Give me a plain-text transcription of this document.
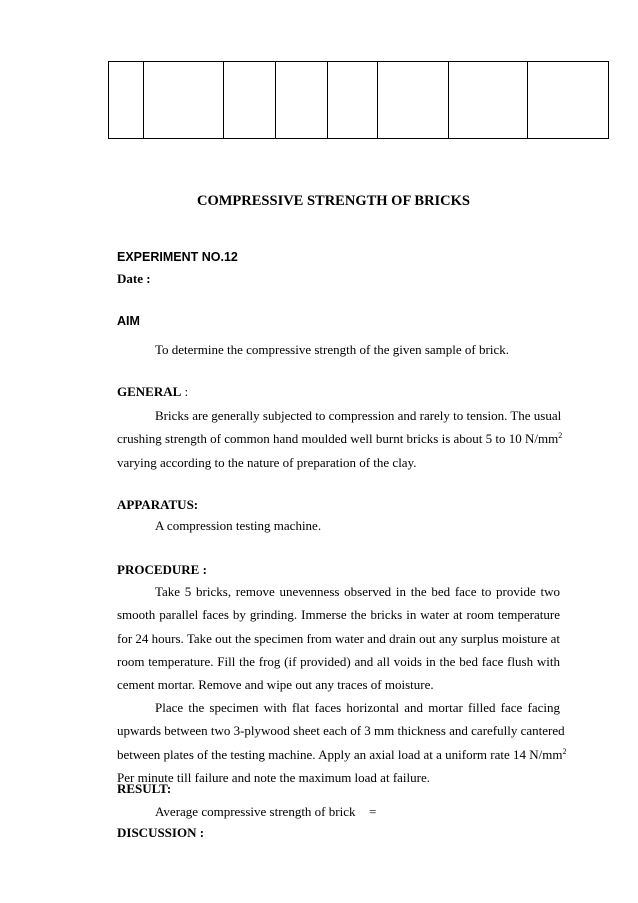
COMPRESSIVE STRENGTH OF BRICKS
EXPERIMENT NO.12
Date :
AIM
To determine the compressive strength of the given sample of brick.
GENERAL :
Bricks are generally subjected to compression and rarely to tension. The usual
crushing strength of common hand moulded well burnt bricks is about 5 to 10 $N/mm^2$
varying according to the nature of preparation of the clay.
APPARATUS:
A compression testing machine.
PROCEDURE :
Take 5 bricks, remove unevenness observed in the bed face to provide two
smooth parallel faces by grinding. Immerse the bricks in water at room temperature
for 24 hours. Take out the specimen from water and drain out any surplus moisture at
room temperature. Fill the frog (if provided) and all voids in the bed face flush with
cement mortar. Remove and wipe out any traces of moisture.
Place the specimen with flat faces horizontal and mortar filled face facing
upwards between two 3-plywood sheet each of 3 mm thickness and carefully cantered
between plates of the testing machine. Apply an axial load at a uniform rate 14 $N/mm^2$
Per minute till failure and note the maximum load at failure.
RESULT:
Average compressive strength of brick =
DISCUSSION :
